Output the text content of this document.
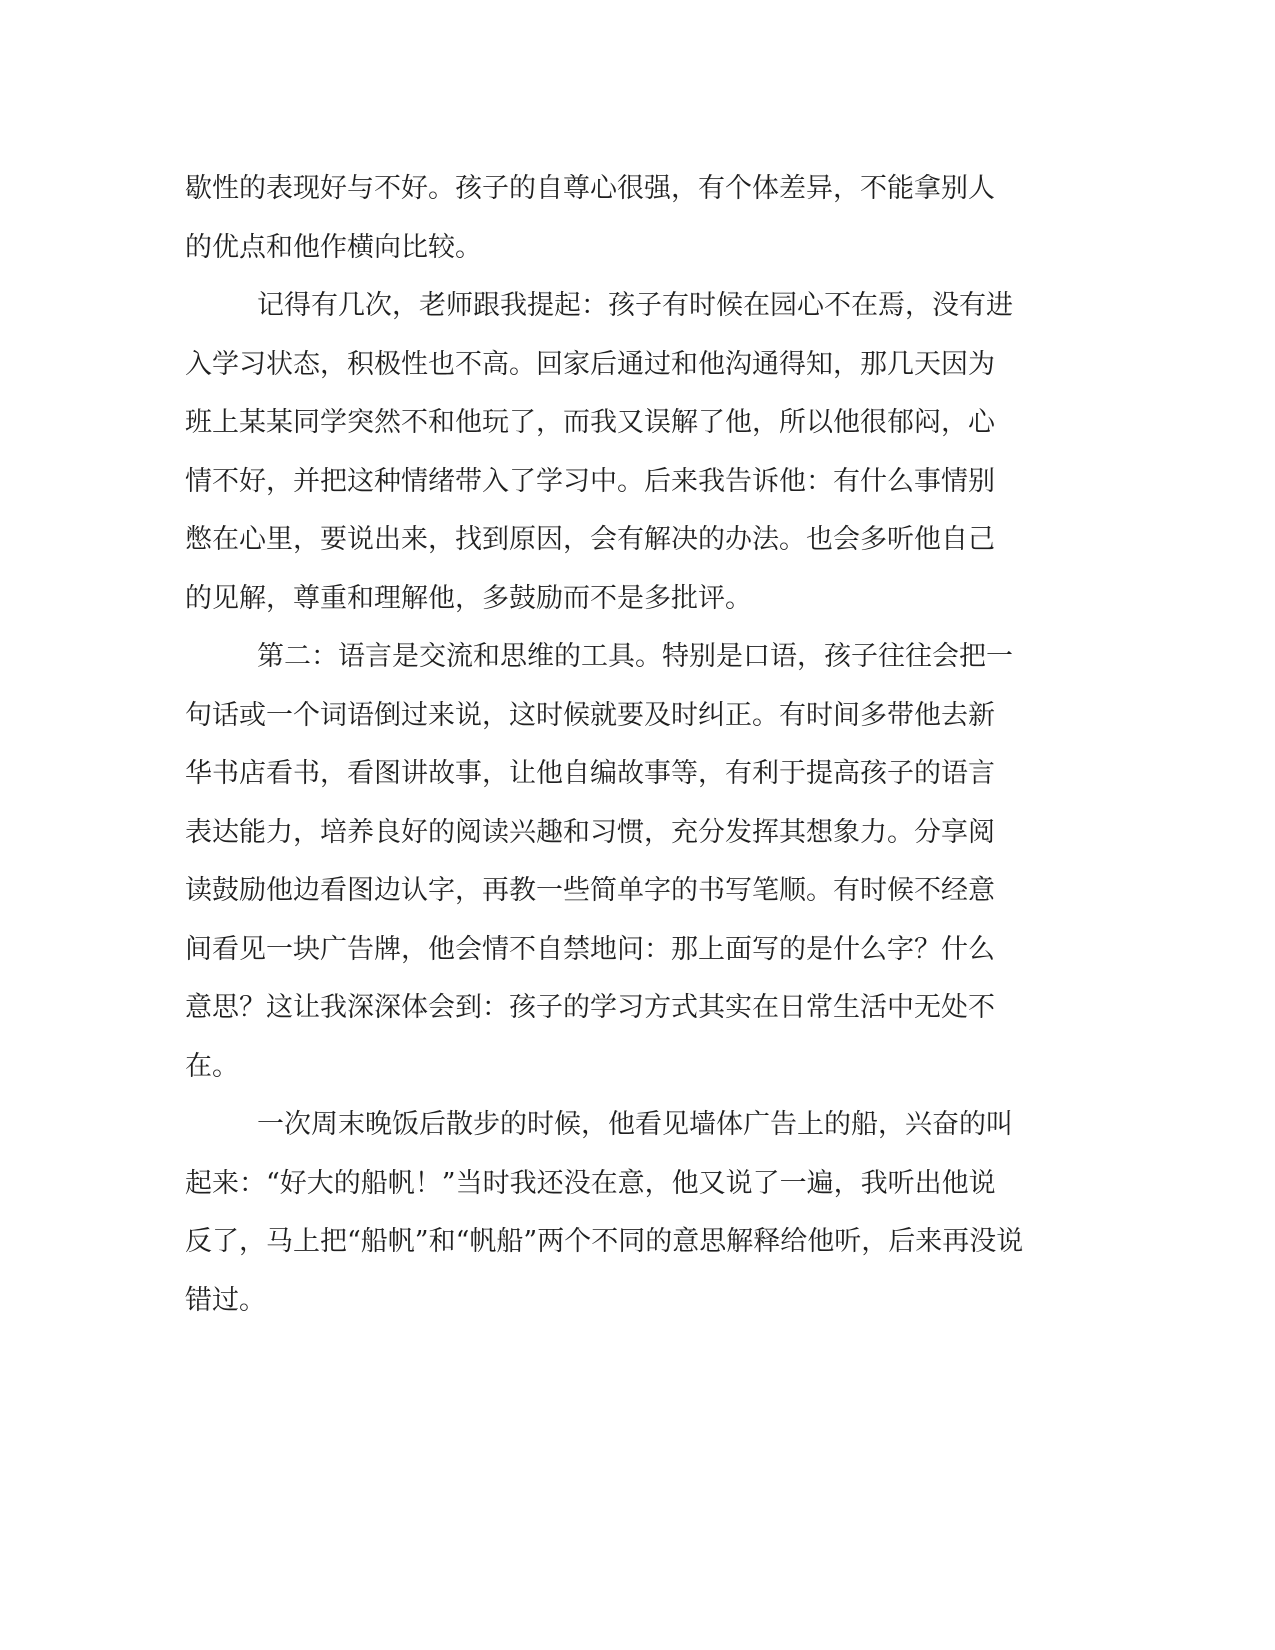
歇性的表现好与不好。孩子的自尊心很强，有个体差异，不能拿别人
的优点和他作横向比较。
记得有几次，老师跟我提起：孩子有时候在园心不在焉，没有进
入学习状态，积极性也不高。回家后通过和他沟通得知，那几天因为
班上某某同学突然不和他玩了，而我又误解了他，所以他很郁闷，心
情不好，并把这种情绪带入了学习中。后来我告诉他：有什么事情别
憋在心里，要说出来，找到原因，会有解决的办法。也会多听他自己
的见解，尊重和理解他，多鼓励而不是多批评。
第二：语言是交流和思维的工具。特别是口语，孩子往往会把一
句话或一个词语倒过来说，这时候就要及时纠正。有时间多带他去新
华书店看书，看图讲故事，让他自编故事等，有利于提高孩子的语言
表达能力，培养良好的阅读兴趣和习惯，充分发挥其想象力。分享阅
读鼓励他边看图边认字，再教一些简单字的书写笔顺。有时候不经意
间看见一块广告牌，他会情不自禁地问：那上面写的是什么字？什么
意思？这让我深深体会到：孩子的学习方式其实在日常生活中无处不
在。
一次周末晚饭后散步的时候，他看见墙体广告上的船，兴奋的叫
起来：“好大的船帆！”当时我还没在意，他又说了一遍，我听出他说
反了，马上把“船帆”和“帆船”两个不同的意思解释给他听，后来再没说
错过。
